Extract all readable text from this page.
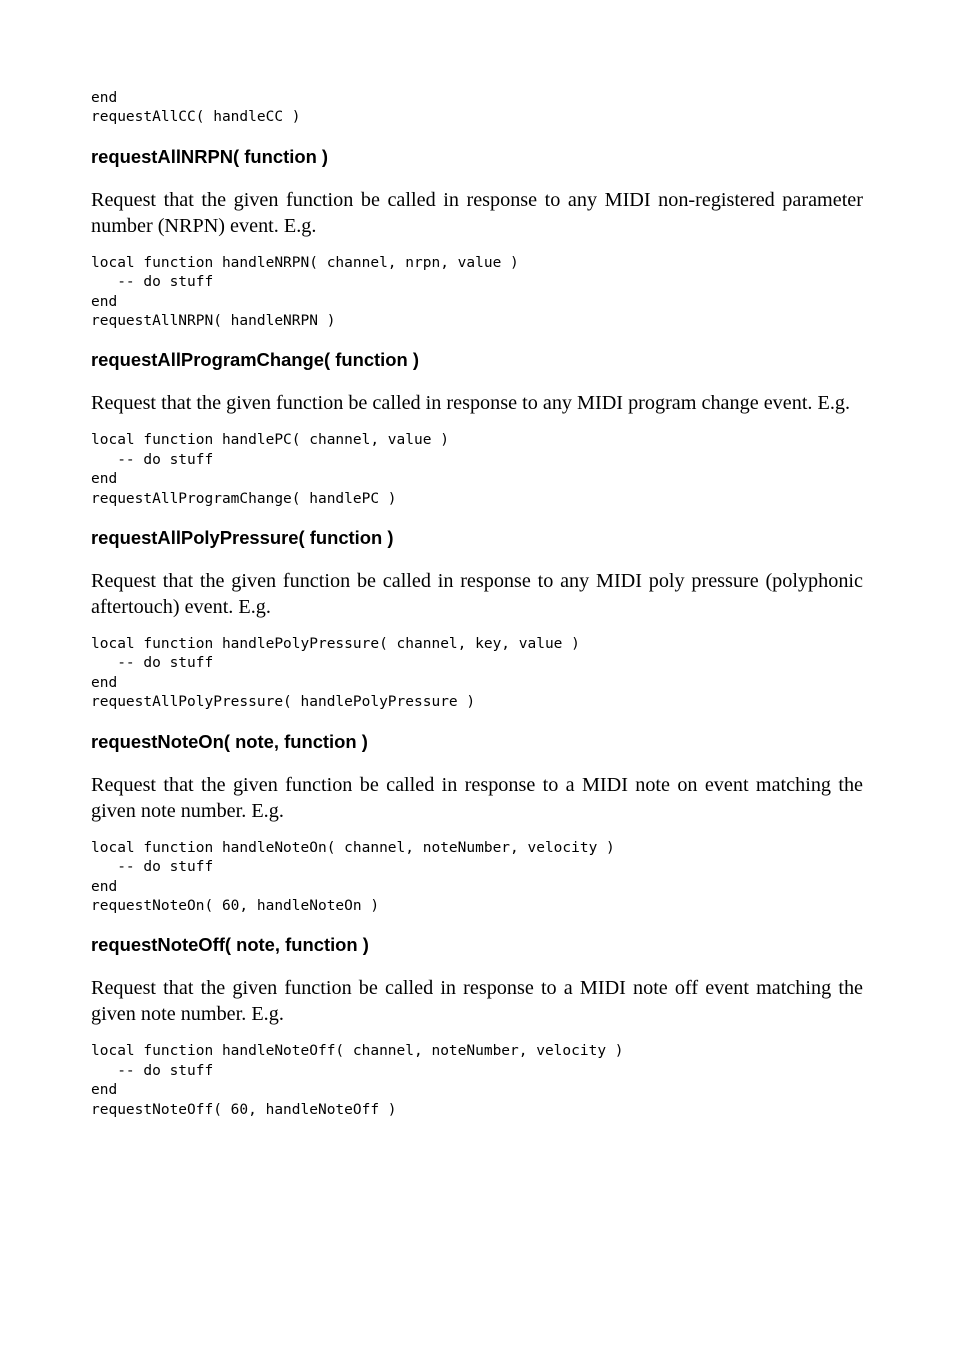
end
requestAllCC( handleCC )
requestAllNRPN( function )

Request that the given function be called in response to any MIDI non-registered parameter number (NRPN) event. E.g.

local function handleNRPN( channel, nrpn, value )
-- do stuff
end
requestAllNRPN( handleNRPN )
requestAllProgramChange( function )

Request that the given function be called in response to any MIDI program change event. E.g.

local function handlePC( channel, value )
-- do stuff
end
requestAllProgramChange( handlePC )
requestAllPolyPressure( function )

Request that the given function be called in response to any MIDI poly pressure (polyphonic aftertouch) event. E.g.

local function handlePolyPressure( channel, key, value )
-- do stuff
end
requestAllPolyPressure( handlePolyPressure )
requestNoteOn( note, function )

Request that the given function be called in response to a MIDI note on event matching the given note number. E.g.

local function handleNoteOn( channel, noteNumber, velocity )
-- do stuff
end
requestNoteOn( 60, handleNoteOn )
requestNoteOff( note, function )

Request that the given function be called in response to a MIDI note off event matching the given note number. E.g.

local function handleNoteOff( channel, noteNumber, velocity )
-- do stuff
end
requestNoteOff( 60, handleNoteOff )
